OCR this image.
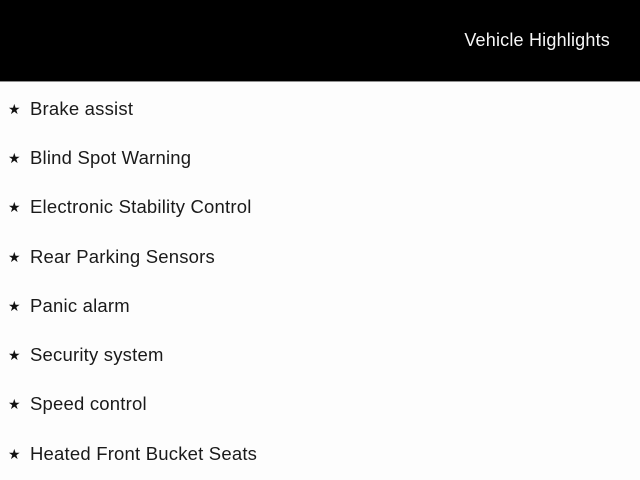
Vehicle Highlights
★ Brake assist
★ Blind Spot Warning
★ Electronic Stability Control
★ Rear Parking Sensors
★ Panic alarm
★ Security system
★ Speed control
★ Heated Front Bucket Seats
